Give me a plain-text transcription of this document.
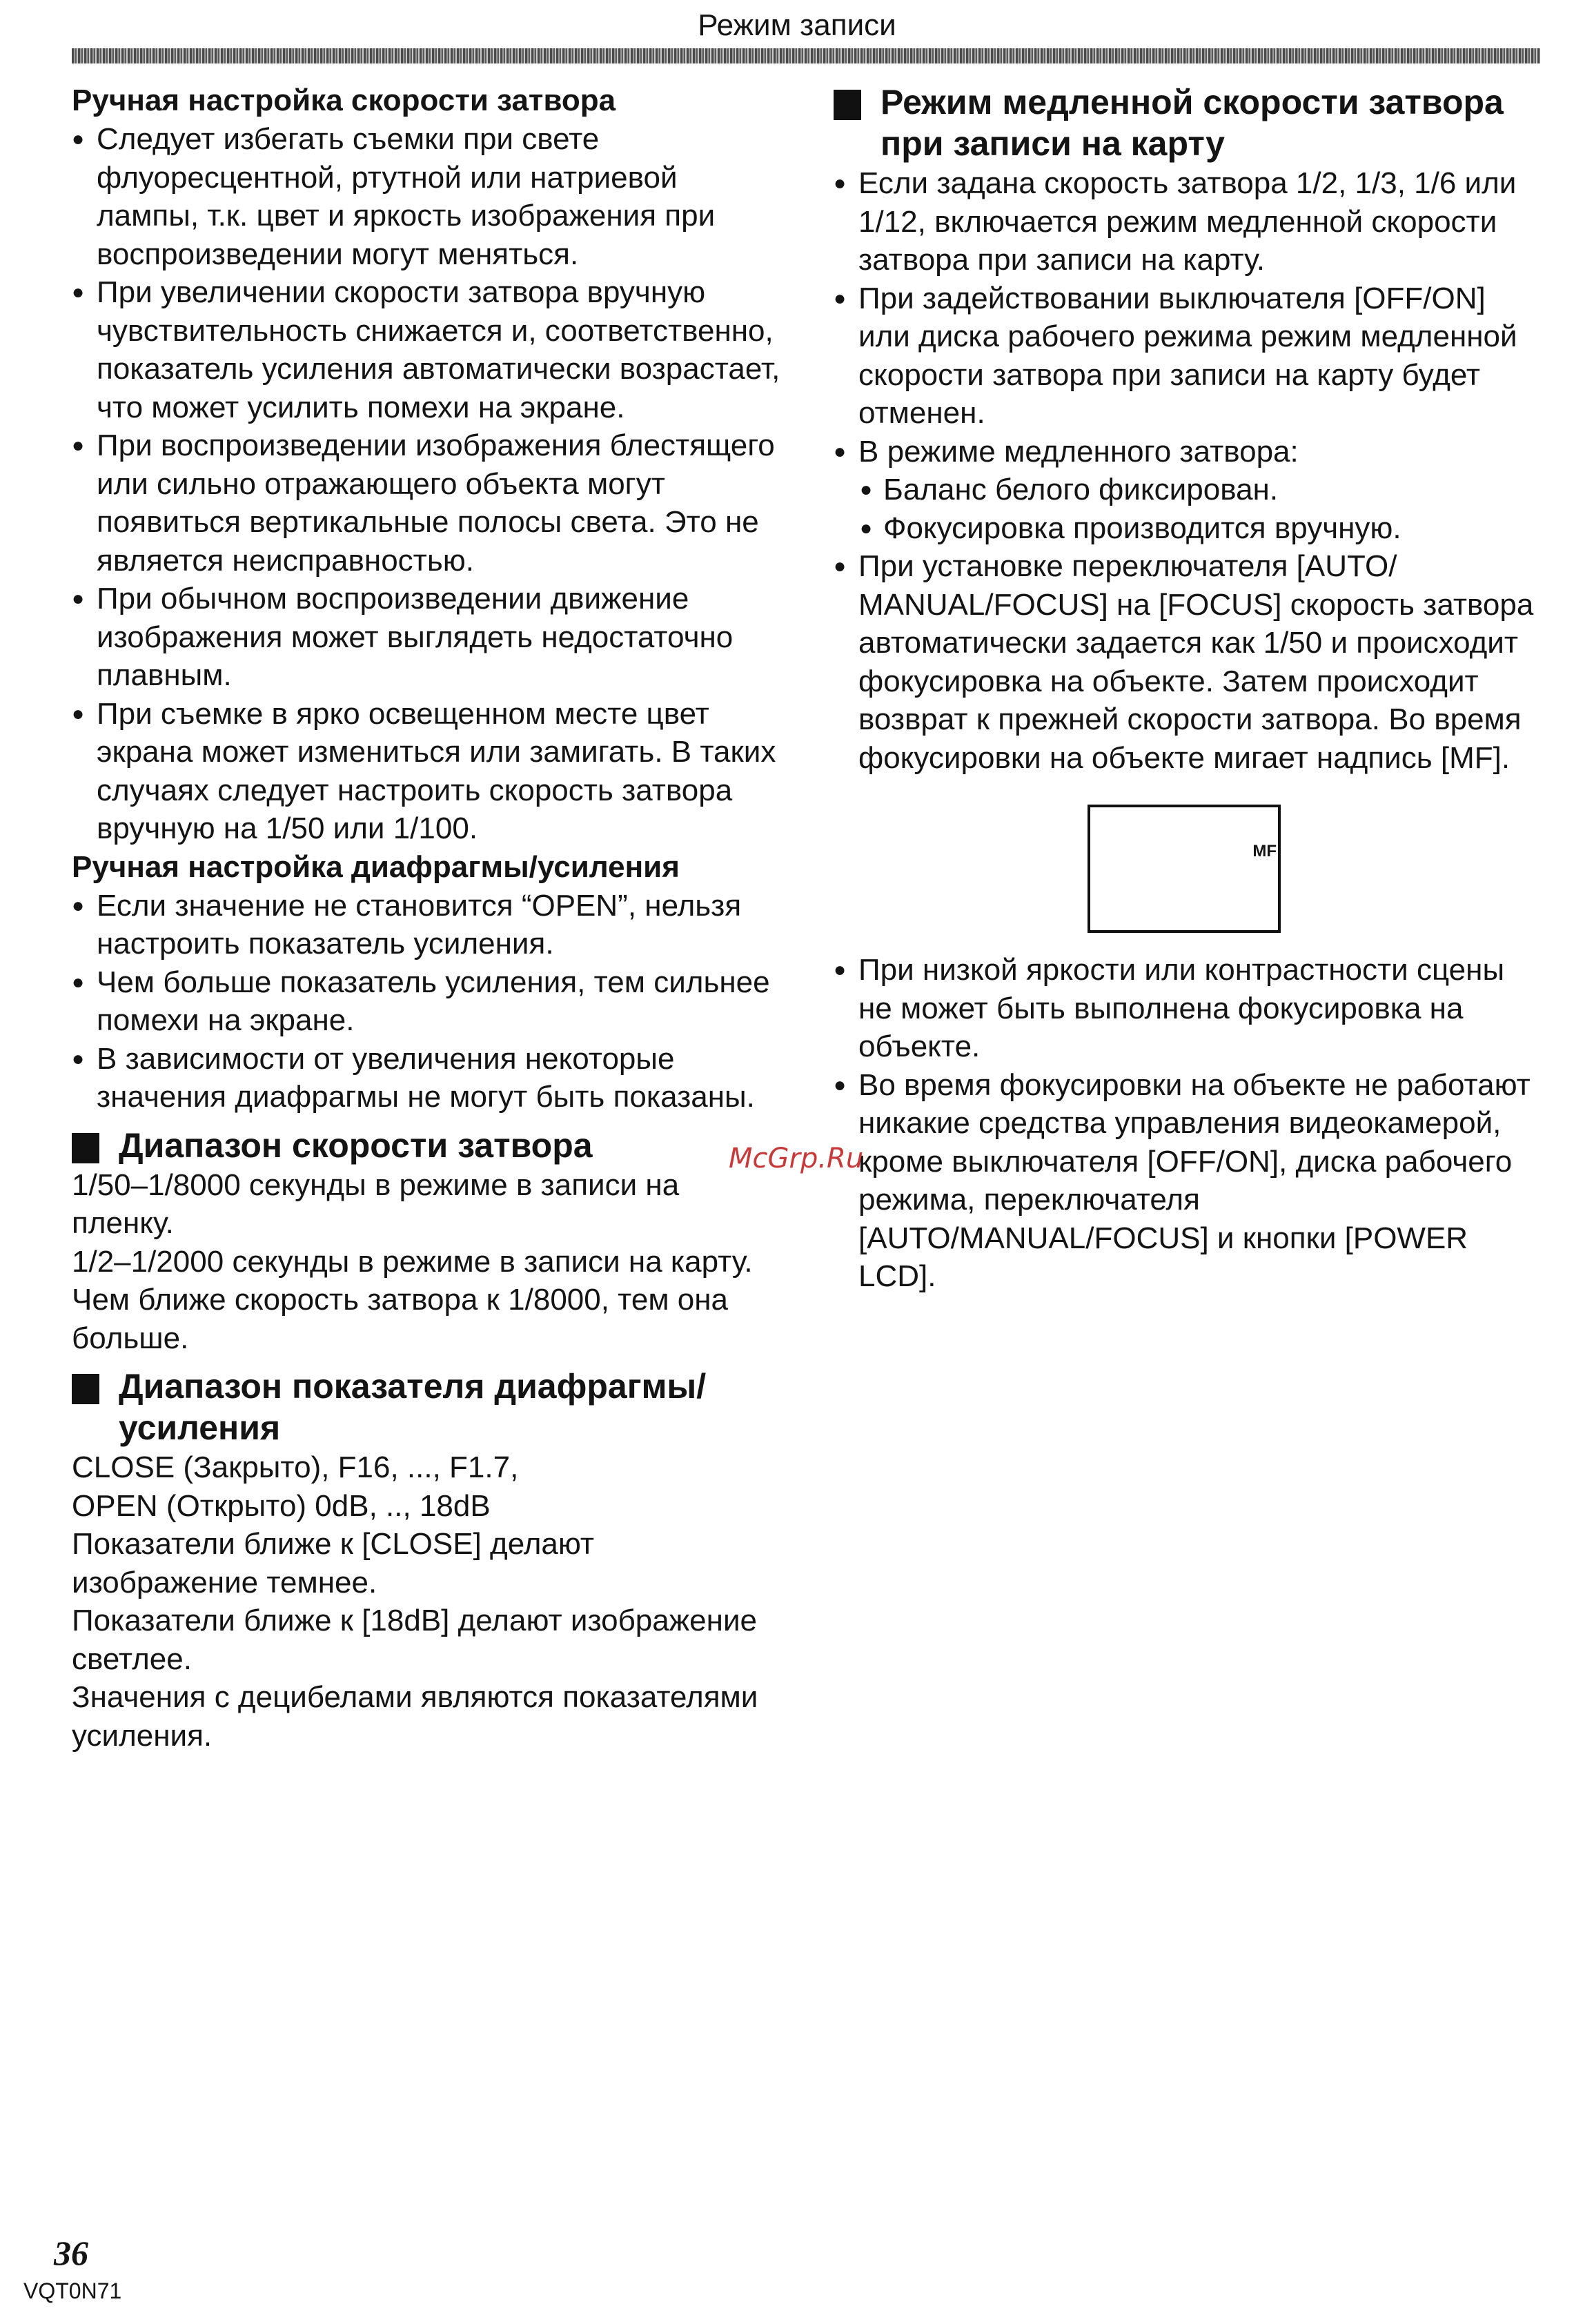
Режим записи
Ручная настройка скорости затвора
● Следует избегать съемки при свете флуоресцентной, ртутной или натриевой лампы, т.к. цвет и яркость изображения при воспроизведении могут меняться.
● При увеличении скорости затвора вручную чувствительность снижается и, соответственно, показатель усиления автоматически возрастает, что может усилить помехи на экране.
● При воспроизведении изображения блестящего или сильно отражающего объекта могут появиться вертикальные полосы света. Это не является неисправностью.
● При обычном воспроизведении движение изображения может выглядеть недостаточно плавным.
● При съемке в ярко освещенном месте цвет экрана может измениться или замигать. В таких случаях следует настроить скорость затвора вручную на 1/50 или 1/100.
Ручная настройка диафрагмы/усиления
● Если значение не становится “OPEN”, нельзя настроить показатель усиления.
● Чем больше показатель усиления, тем сильнее помехи на экране.
● В зависимости от увеличения некоторые значения диафрагмы не могут быть показаны.
Диапазон скорости затвора
1/50–1/8000 секунды в режиме в записи на пленку.
1/2–1/2000 секунды в режиме в записи на карту.
Чем ближе скорость затвора к 1/8000, тем она больше.
Диапазон показателя диафрагмы/ усиления
CLOSE (Закрыто), F16, ..., F1.7,
OPEN (Открыто) 0dB, .., 18dB
Показатели ближе к [CLOSE] делают изображение темнее.
Показатели ближе к [18dB] делают изображение светлее.
Значения с децибелами являются показателями усиления.
Режим медленной скорости затвора при записи на карту
● Если задана скорость затвора 1/2, 1/3, 1/6 или 1/12, включается режим медленной скорости затвора при записи на карту.
● При задействовании выключателя [OFF/ON] или диска рабочего режима режим медленной скорости затвора при записи на карту будет отменен.
● В режиме медленного затвора:
● Баланс белого фиксирован.
● Фокусировка производится вручную.
● При установке переключателя [AUTO/ MANUAL/FOCUS] на [FOCUS] скорость затвора автоматически задается как 1/50 и происходит фокусировка на объекте. Затем происходит возврат к прежней скорости затвора. Во время фокусировки на объекте мигает надпись [MF].
MF
● При низкой яркости или контрастности сцены не может быть выполнена фокусировка на объекте.
● Во время фокусировки на объекте не работают никакие средства управления видеокамерой, кроме выключателя [OFF/ON], диска рабочего режима, переключателя [AUTO/MANUAL/FOCUS] и кнопки [POWER LCD].
McGrp.Ru
36
VQT0N71
